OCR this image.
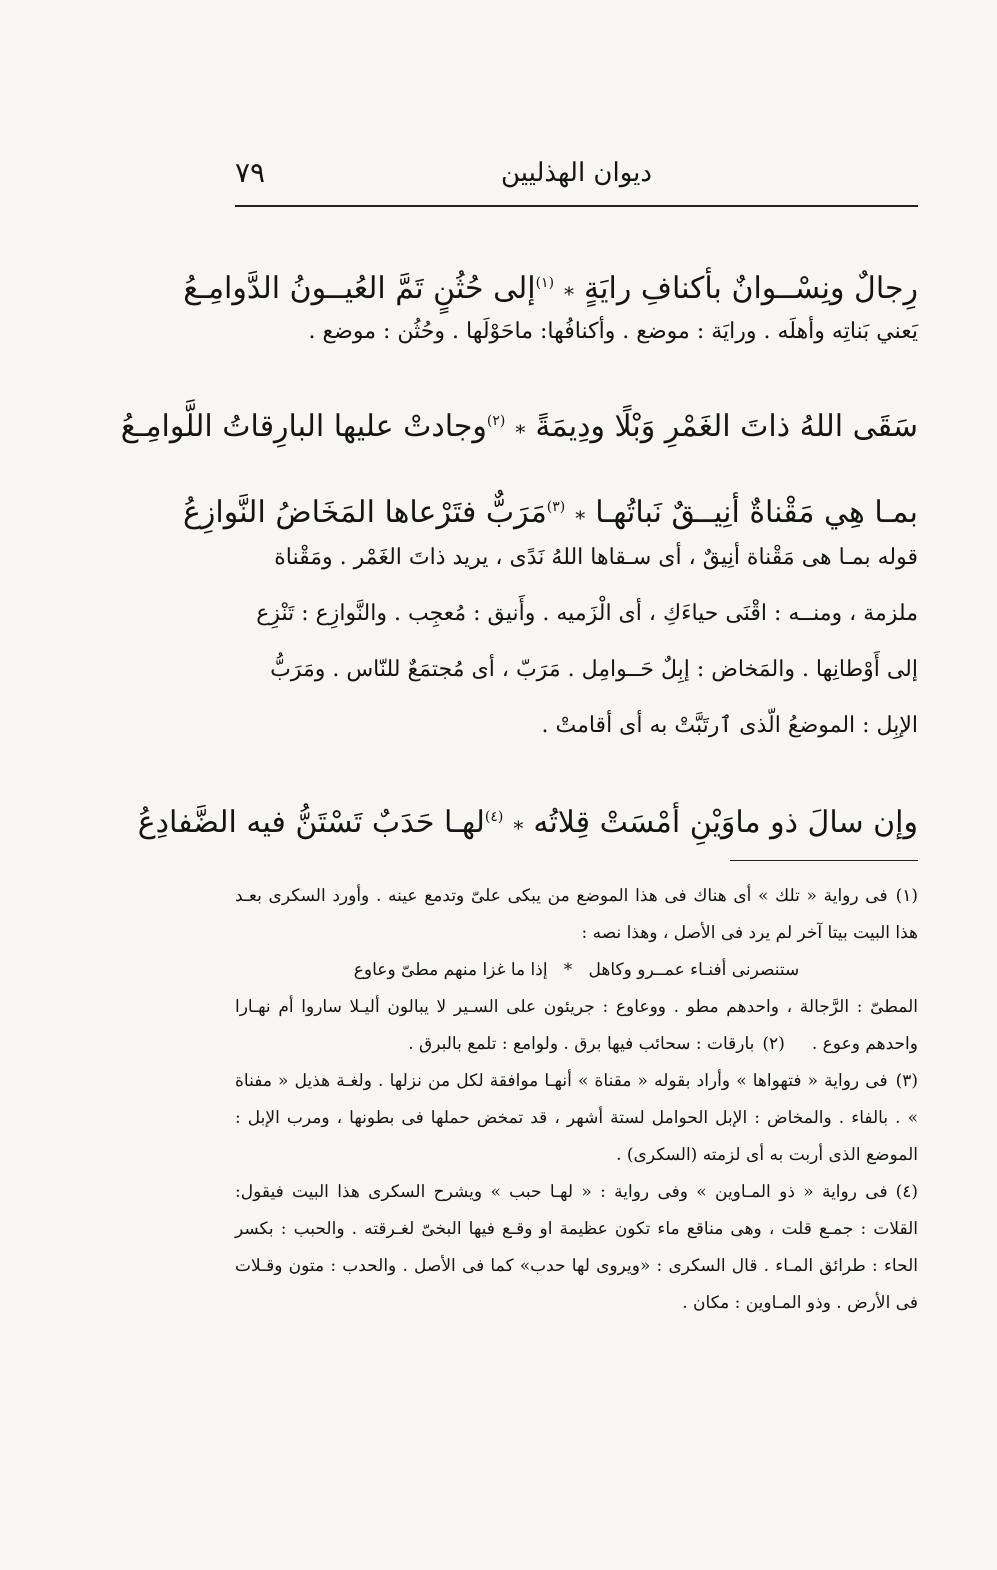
ديوان الهذليين
٧٩
رِجالٌ ونِسْــوانٌ بأكنافِ رايَةٍ
*
$^{(١)}$إلى حُثُنٍ تَمَّ العُيــونُ الدَّوامِـعُ

يَعني بَناتِه وأهلَه . ورايَة : موضع . وأكنافُها: ماحَوْلَها . وحُثُن : موضع .

سَقَى اللهُ ذاتَ الغَمْرِ وَبْلًا ودِيمَةً
*
$^{(٢)}$وجادتْ عليها البارِقاتُ اللَّوامِـعُ
بمـا هِي مَقْناةٌ أنِيــقٌ نَباتُهـا
*
$^{(٣)}$مَرَبٌّ فتَرْعاها المَخَاضُ النَّوازِعُ

قوله بمـا هى مَقْناة أنِيقٌ ، أى سـقاها اللهُ نَدًى ، يريد ذاتَ الغَمْر . ومَقْناة

ملزمة ، ومنــه : اقْنَى حياءَكِ ، أى الْزَميه . وأَنيق : مُعجِب . والنَّوازِع : تَنْزِع

إلى أَوْطانِها . والمَخاض : إبِلٌ حَــوامِل . مَرَبّ ، أى مُجتمَعٌ للنّاس . ومَرَبُّ

الإبِل : الموضعُ الّذى ٱرتَبَّتْ به أى أقامتْ .

وإن سالَ ذو ماوَيْنِ أمْسَتْ قِلاتُه
*
$^{(٤)}$لهـا حَدَبٌ تَسْتَنُّ فيه الضَّفادِعُ

(١)فى رواية « تلك » أى هناك فى هذا الموضع من يبكى علىّ وتدمع عينه . وأورد السكرى بعـد هذا البيت بيتا آخر لم يرد فى الأصل ، وهذا نصه :

ستنصرنى أفنـاء عمــرو وكاهل   *   إذا ما غزا منهم مطىّ وعاوع

المطىّ : الرَّجالة ، واحدهم مطو . ووعاوع : جريئون على السـير لا يبالون أليـلا ساروا أم نهـارا واحدهم وعوع .     (٢)بارقات : سحائب فيها برق . ولوامع : تلمع بالبرق .

(٣)فى رواية « فتهواها » وأراد بقوله « مقناة » أنهـا موافقة لكل من نزلها . ولغـة هذيل « مفناة » . بالفاء . والمخاض : الإبل الحوامل لستة أشهر ، قد تمخض حملها فى بطونها ، ومرب الإبل : الموضع الذى أربت به أى لزمته (السكرى) .

(٤)فى رواية « ذو المـاوين » وفى رواية : « لهـا حبب » ويشرح السكرى هذا البيت فيقول: القلات : جمـع قلت ، وهى مناقع ماء تكون عظيمة او وقـع فيها البخىّ لغـرقته . والحبب : بكسر الحاء : طرائق المـاء . قال السكرى : «ويروى لها حدب» كما فى الأصل . والحدب : متون وقـلات فى الأرض . وذو المـاوين : مكان .
